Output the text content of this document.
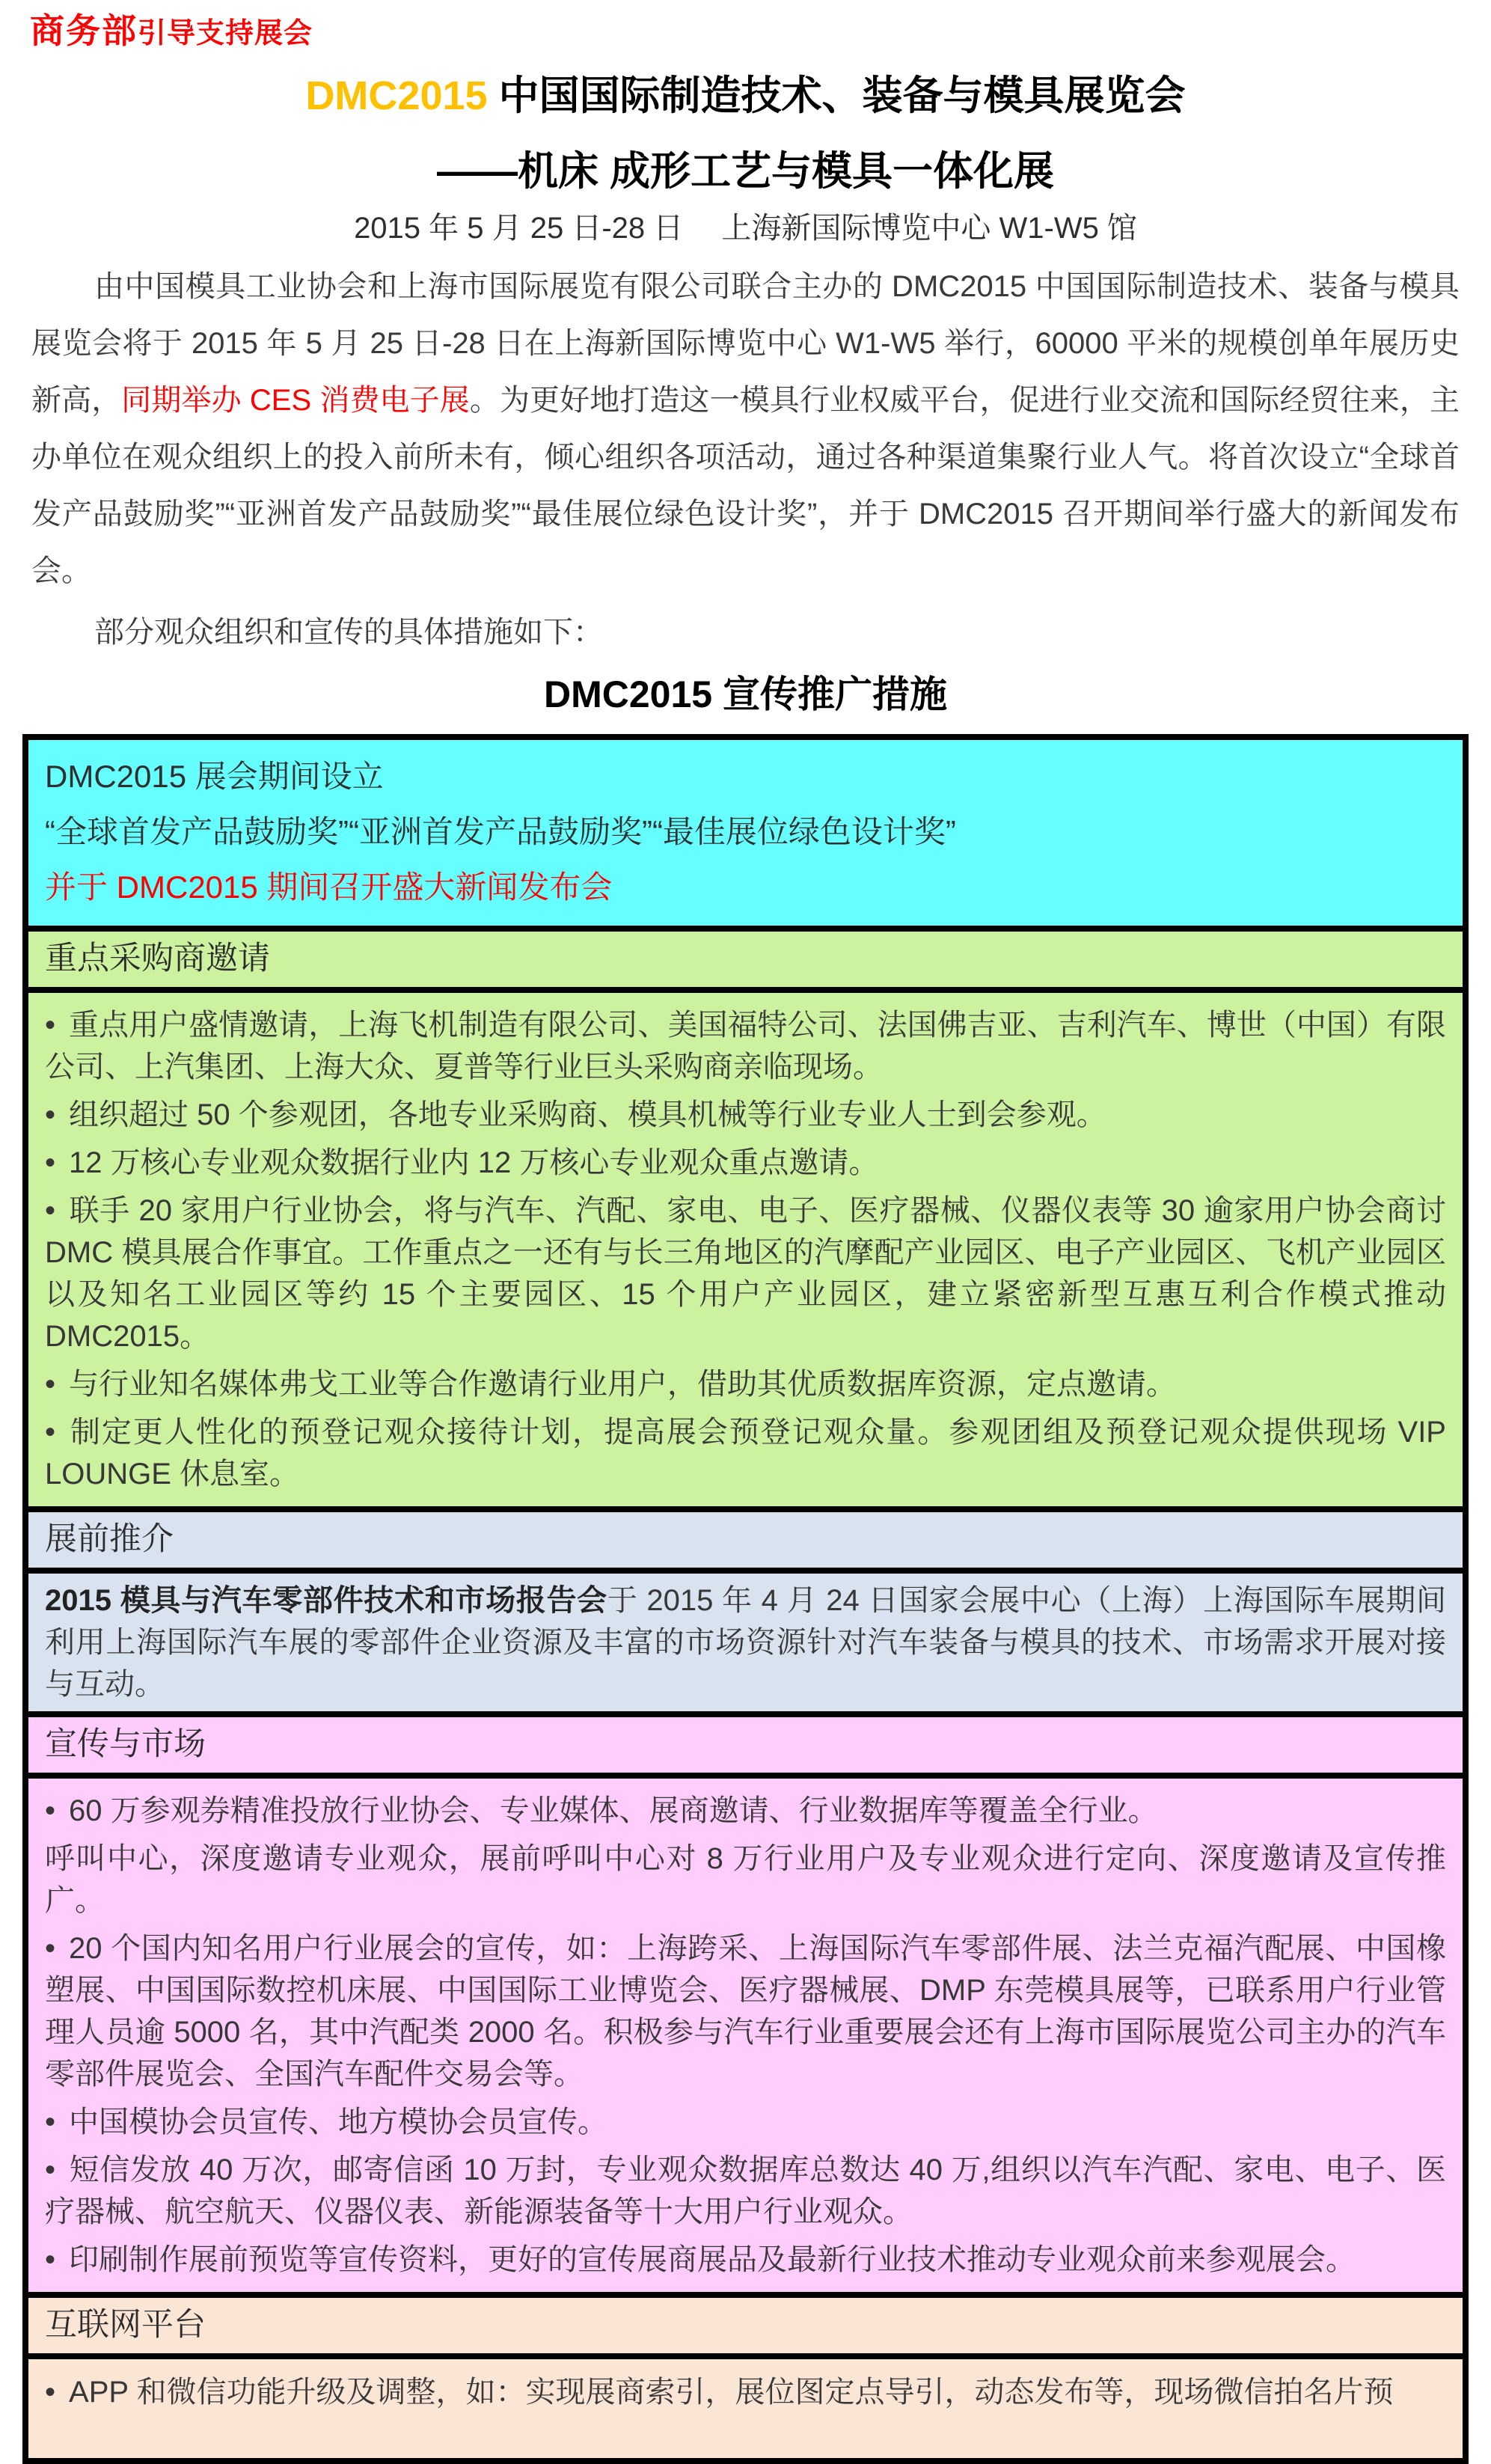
商务部引导支持展会
DMC2015 中国国际制造技术、装备与模具展览会
——机床 成形工艺与模具一体化展
2015 年 5 月 25 日-28 日　 上海新国际博览中心 W1-W5 馆

由中国模具工业协会和上海市国际展览有限公司联合主办的 DMC2015 中国国际制造技术、装备与模具展览会将于 2015 年 5 月 25 日-28 日在上海新国际博览中心 W1-W5 举行，60000 平米的规模创单年展历史新高，同期举办 CES 消费电子展。为更好地打造这一模具行业权威平台，促进行业交流和国际经贸往来，主办单位在观众组织上的投入前所未有，倾心组织各项活动，通过各种渠道集聚行业人气。将首次设立“全球首发产品鼓励奖”“亚洲首发产品鼓励奖”“最佳展位绿色设计奖”，并于 DMC2015 召开期间举行盛大的新闻发布会。

部分观众组织和宣传的具体措施如下：

DMC2015 宣传推广措施

DMC2015 展会期间设立

“全球首发产品鼓励奖”“亚洲首发产品鼓励奖”“最佳展位绿色设计奖”

并于 DMC2015 期间召开盛大新闻发布会

重点采购商邀请

• 重点用户盛情邀请，上海飞机制造有限公司、美国福特公司、法国佛吉亚、吉利汽车、博世（中国）有限公司、上汽集团、上海大众、夏普等行业巨头采购商亲临现场。

• 组织超过 50 个参观团，各地专业采购商、模具机械等行业专业人士到会参观。

• 12 万核心专业观众数据行业内 12 万核心专业观众重点邀请。

• 联手 20 家用户行业协会，将与汽车、汽配、家电、电子、医疗器械、仪器仪表等 30 逾家用户协会商讨 DMC 模具展合作事宜。工作重点之一还有与长三角地区的汽摩配产业园区、电子产业园区、飞机产业园区以及知名工业园区等约 15 个主要园区、15 个用户产业园区，建立紧密新型互惠互利合作模式推动 DMC2015。

• 与行业知名媒体弗戈工业等合作邀请行业用户，借助其优质数据库资源，定点邀请。

• 制定更人性化的预登记观众接待计划，提高展会预登记观众量。参观团组及预登记观众提供现场 VIP LOUNGE 休息室。

展前推介

2015 模具与汽车零部件技术和市场报告会于 2015 年 4 月 24 日国家会展中心（上海）上海国际车展期间利用上海国际汽车展的零部件企业资源及丰富的市场资源针对汽车装备与模具的技术、市场需求开展对接与互动。

宣传与市场

• 60 万参观券精准投放行业协会、专业媒体、展商邀请、行业数据库等覆盖全行业。

呼叫中心，深度邀请专业观众，展前呼叫中心对 8 万行业用户及专业观众进行定向、深度邀请及宣传推广。

• 20 个国内知名用户行业展会的宣传，如：上海跨采、上海国际汽车零部件展、法兰克福汽配展、中国橡塑展、中国国际数控机床展、中国国际工业博览会、医疗器械展、DMP 东莞模具展等，已联系用户行业管理人员逾 5000 名，其中汽配类 2000 名。积极参与汽车行业重要展会还有上海市国际展览公司主办的汽车零部件展览会、全国汽车配件交易会等。

• 中国模协会员宣传、地方模协会员宣传。

• 短信发放 40 万次，邮寄信函 10 万封，专业观众数据库总数达 40 万,组织以汽车汽配、家电、电子、医疗器械、航空航天、仪器仪表、新能源装备等十大用户行业观众。

• 印刷制作展前预览等宣传资料，更好的宣传展商展品及最新行业技术推动专业观众前来参观展会。

互联网平台

• APP 和微信功能升级及调整，如：实现展商索引，展位图定点导引，动态发布等，现场微信拍名片预
